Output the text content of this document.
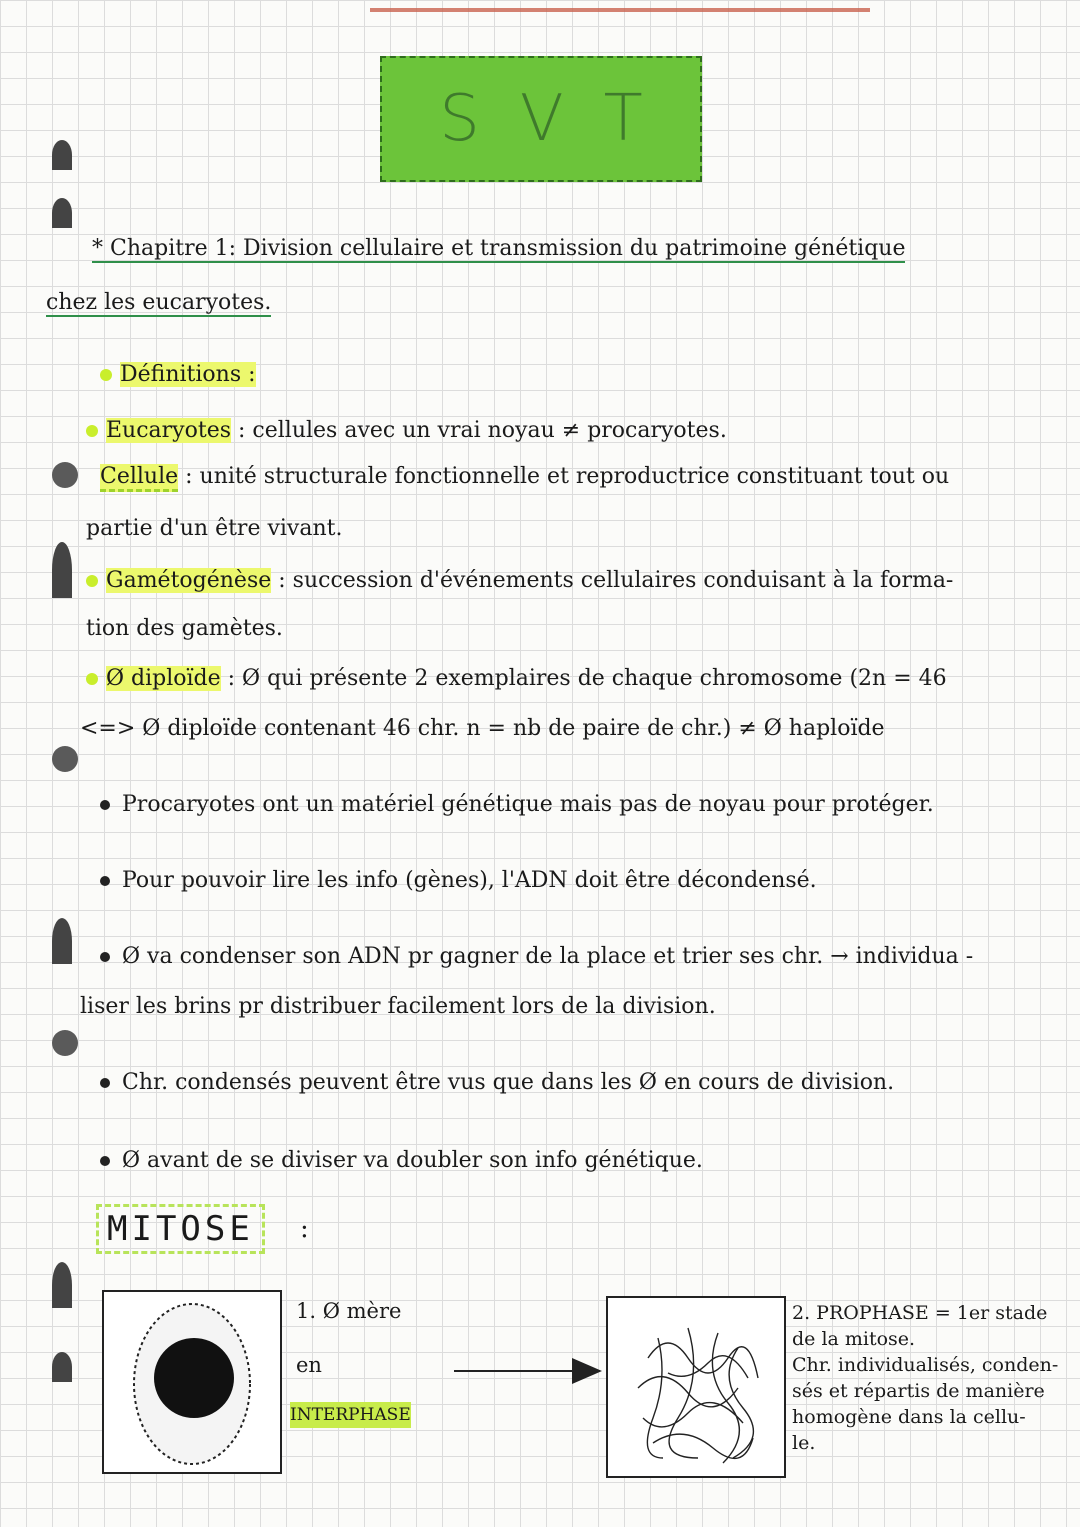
SVT
* Chapitre 1: Division cellulaire et transmission du patrimoine génétique
chez les eucaryotes.
Définitions :
Eucaryotes : cellules avec un vrai noyau ≠ procaryotes.
Cellule : unité structurale fonctionnelle et reproductrice constituant tout ou
partie d'un être vivant.
Gamétogénèse : succession d'événements cellulaires conduisant à la forma-
tion des gamètes.
Ø diploïde : Ø qui présente 2 exemplaires de chaque chromosome (2n = 46
<=> Ø diploïde contenant 46 chr. n = nb de paire de chr.) ≠ Ø haploïde
Procaryotes ont un matériel génétique mais pas de noyau pour protéger.
Pour pouvoir lire les info (gènes), l'ADN doit être décondensé.
Ø va condenser son ADN pr gagner de la place et trier ses chr. → individua -
liser les brins pr distribuer facilement lors de la division.
Chr. condensés peuvent être vus que dans les Ø en cours de division.
Ø avant de se diviser va doubler son info génétique.
MITOSE	:
1. Ø mère
en
INTERPHASE
2. PROPHASE = 1er stade
de la mitose.
Chr. individualisés, conden-
sés et répartis de manière
homogène dans la cellu-
le.
